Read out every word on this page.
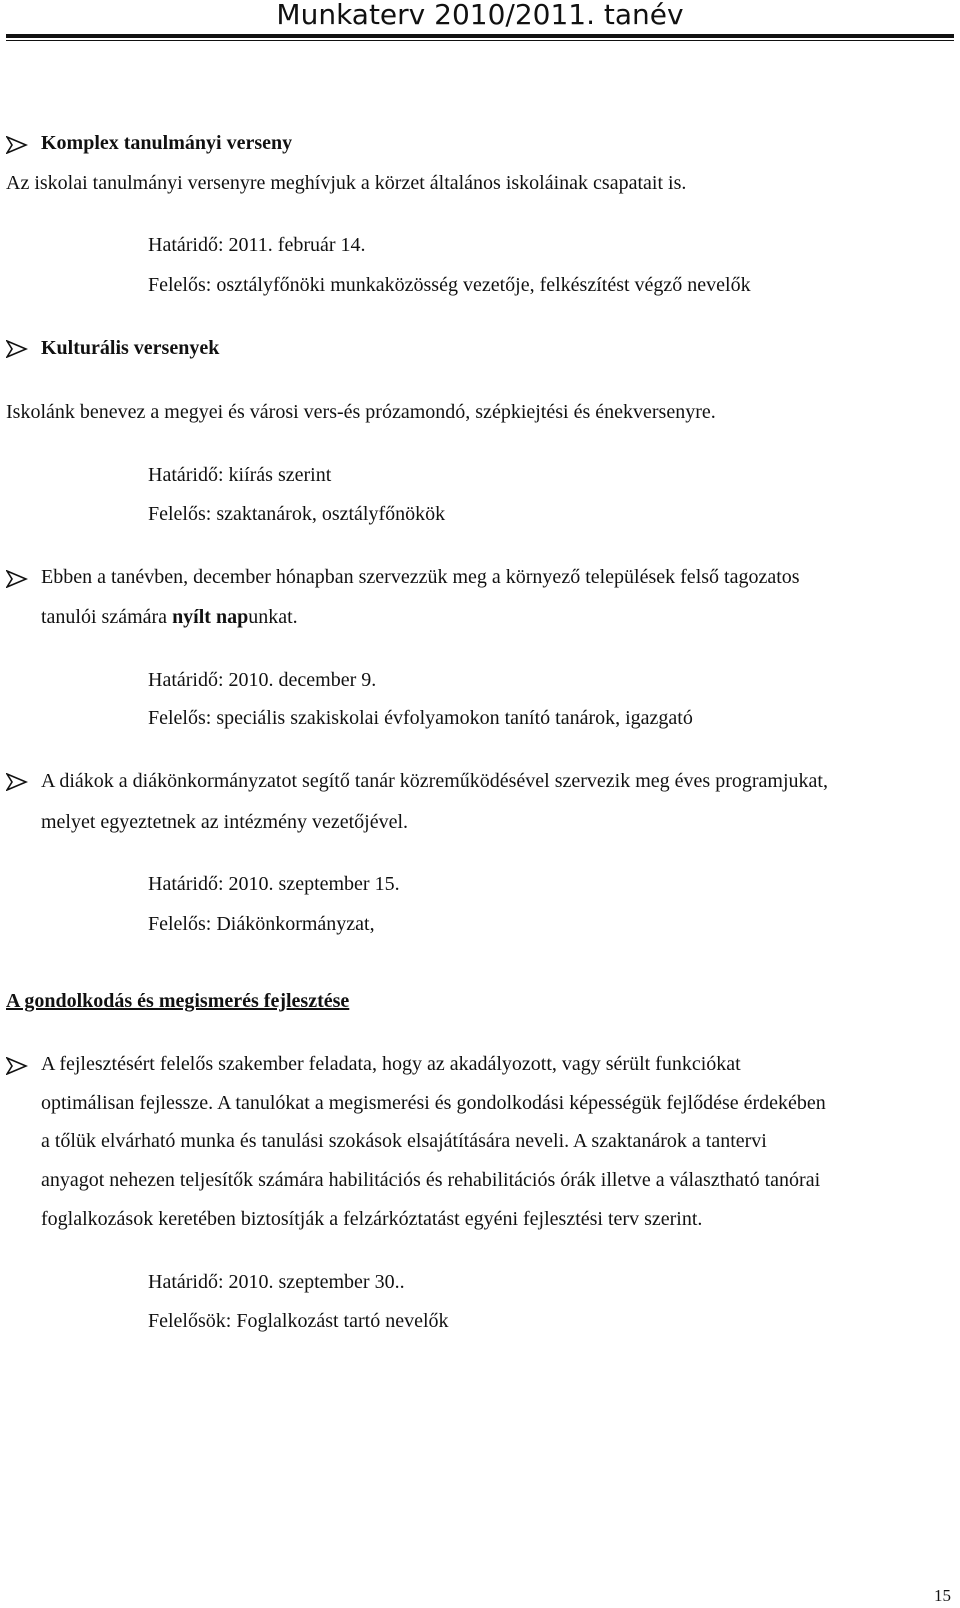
Munkaterv 2010/2011. tanév
Komplex tanulmányi verseny
Az iskolai tanulmányi versenyre meghívjuk a körzet általános iskoláinak csapatait is.
Határidő: 2011. február 14.
Felelős: osztályfőnöki munkaközösség vezetője, felkészítést végző nevelők
Kulturális versenyek
Iskolánk benevez a megyei és városi vers-és prózamondó, szépkiejtési és énekversenyre.
Határidő: kiírás szerint
Felelős: szaktanárok, osztályfőnökök
Ebben a tanévben, december hónapban szervezzük meg a környező települések felső tagozatos
tanulói számára nyílt napunkat.
Határidő: 2010. december 9.
Felelős: speciális szakiskolai évfolyamokon tanító tanárok, igazgató
A diákok a diákönkormányzatot segítő tanár közreműködésével szervezik meg éves programjukat,
melyet egyeztetnek az intézmény vezetőjével.
Határidő: 2010. szeptember 15.
Felelős: Diákönkormányzat,
A gondolkodás és megismerés fejlesztése
A fejlesztésért felelős szakember feladata, hogy az akadályozott, vagy sérült funkciókat
optimálisan fejlessze. A tanulókat a megismerési és gondolkodási képességük fejlődése érdekében
a tőlük elvárható munka és tanulási szokások elsajátítására neveli. A szaktanárok a tantervi
anyagot nehezen teljesítők számára habilitációs és rehabilitációs órák illetve a választható tanórai
foglalkozások keretében biztosítják a felzárkóztatást egyéni fejlesztési terv szerint.
Határidő: 2010. szeptember 30..
Felelősök: Foglalkozást tartó nevelők
15
